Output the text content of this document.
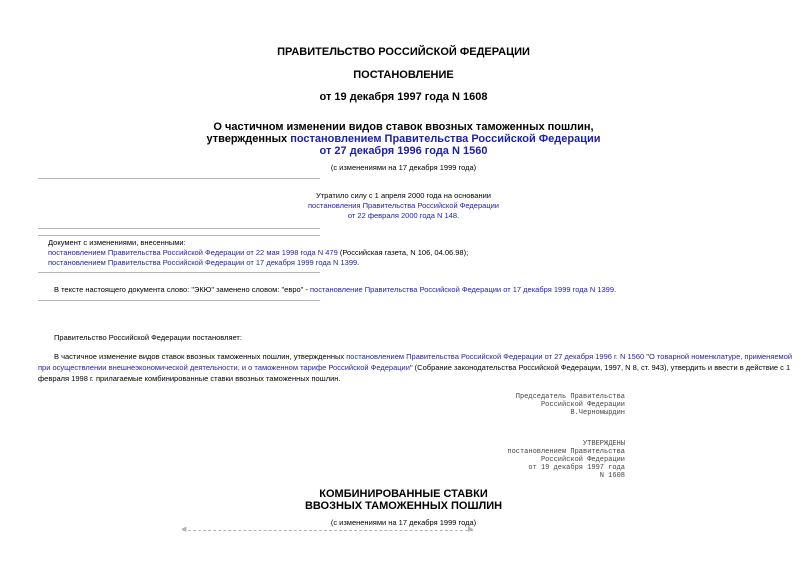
ПРАВИТЕЛЬСТВО РОССИЙСКОЙ ФЕДЕРАЦИИ
ПОСТАНОВЛЕНИЕ
от 19 декабря 1997 года N 1608
О частичном изменении видов ставок ввозных таможенных пошлин,
утвержденных постановлением Правительства Российской Федерации
от 27 декабря 1996 года N 1560
(с изменениями на 17 декабря 1999 года)
Утратило силу с 1 апреля 2000 года на основании
постановления Правительства Российской Федерации
от 22 февраля 2000 года N 148.
Документ с изменениями, внесенными:
постановлением Правительства Российской Федерации от 22 мая 1998 года N 479 (Российская газета, N 106, 04.06.98);
постановлением Правительства Российской Федерации от 17 декабря 1999 года N 1399.
В тексте настоящего документа слово: "ЭКЮ" заменено словом: "евро" - постановление Правительства Российской Федерации от 17 декабря 1999 года N 1399.
Правительство Российской Федерации постановляет:
В частичное изменение видов ставок ввозных таможенных пошлин, утвержденных постановлением Правительства Российской Федерации от 27 декабря 1996 г. N 1560 "О товарной номенклатуре, применяемой
при осуществлении внешнеэкономической деятельности, и о таможенном тарифе Российской Федерации" (Собрание законодательства Российской Федерации, 1997, N 8, ст. 943), утвердить и ввести в действие с 1
февраля 1998 г. прилагаемые комбинированные ставки ввозных таможенных пошлин.
Председатель Правительства
Российской Федерации
В.Черномырдин
УТВЕРЖДЕНЫ
постановлением Правительства
Российской Федерации
от 19 декабря 1997 года
N 1608
КОМБИНИРОВАННЫЕ СТАВКИ
ВВОЗНЫХ ТАМОЖЕННЫХ ПОШЛИН
(с изменениями на 17 декабря 1999 года)
◀	▶
